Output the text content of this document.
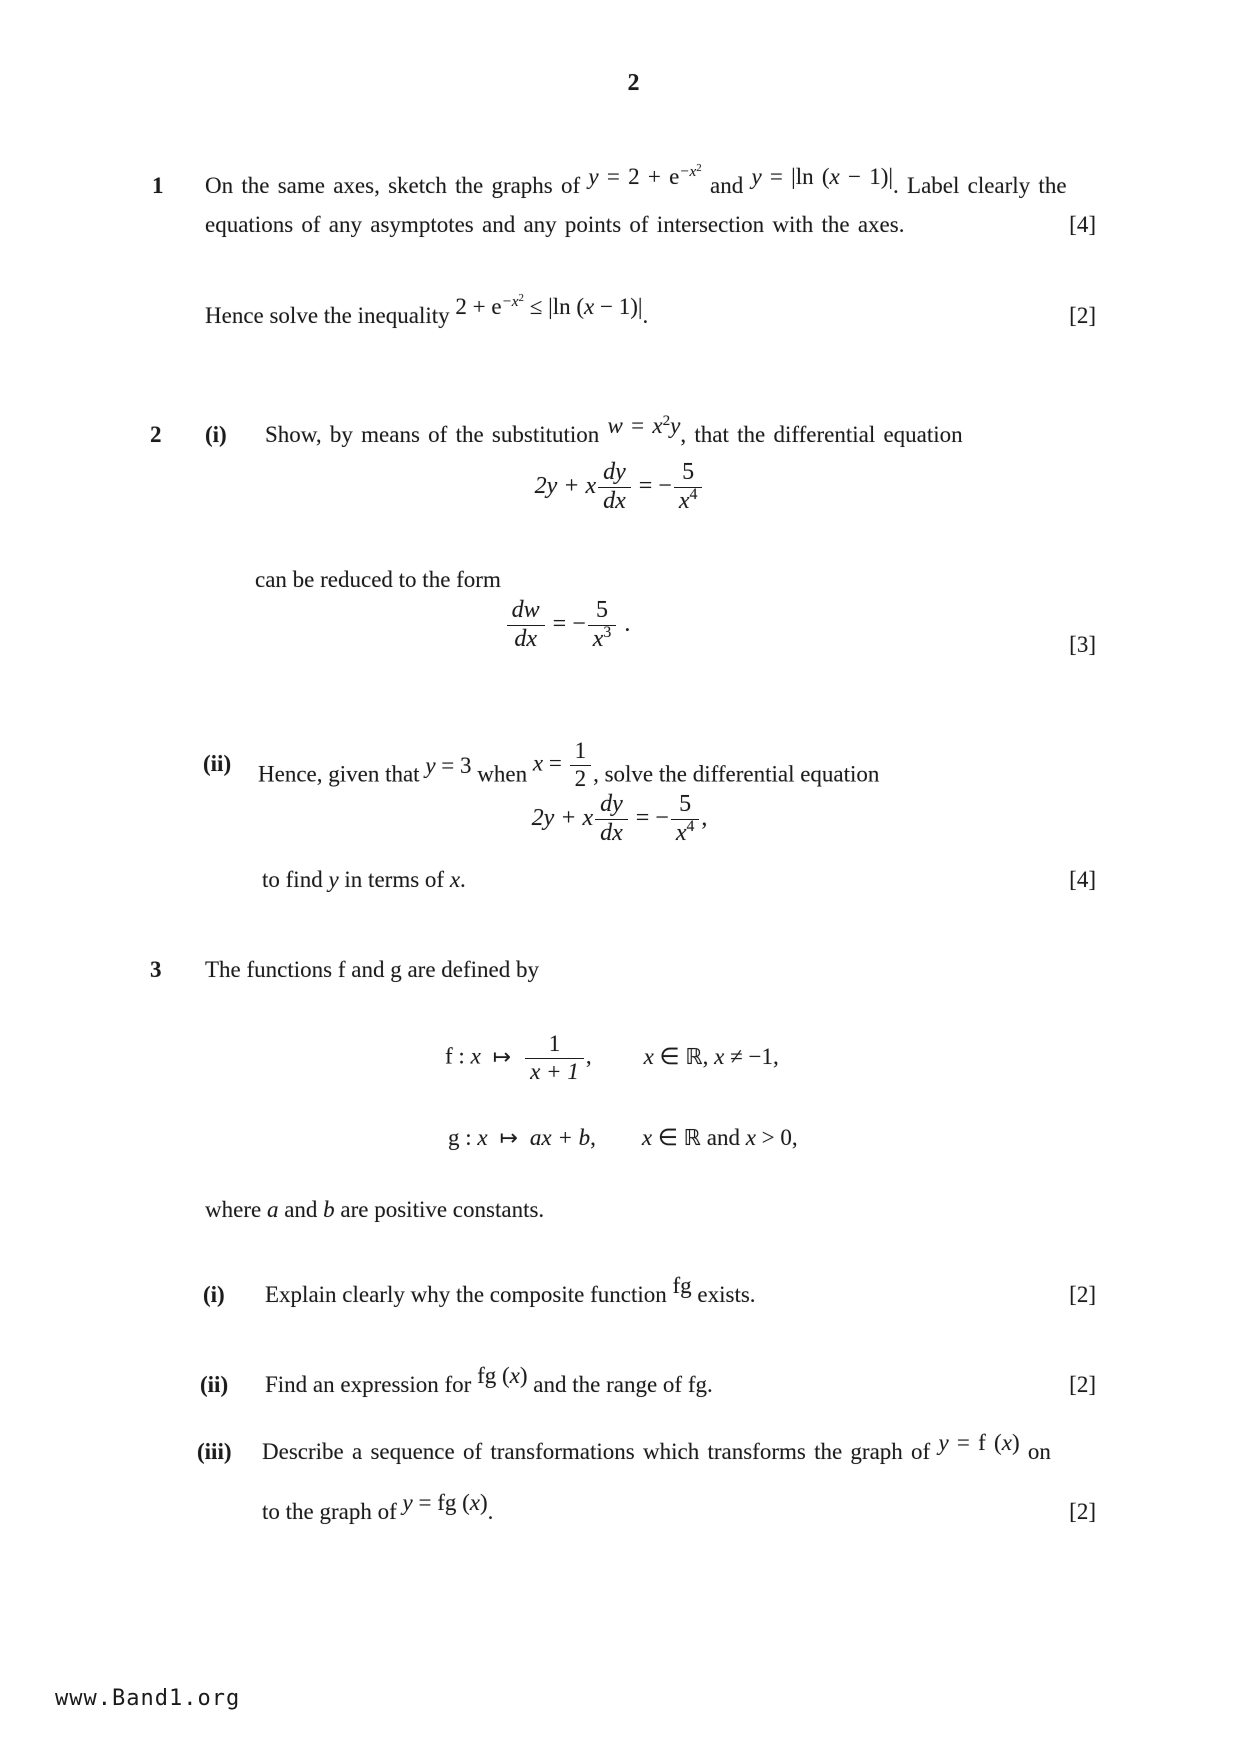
2
1 On the same axes, sketch the graphs of $y = 2 + e^{-x^2}$ and y = |ln (x − 1)|. Label clearly the
equations of any asymptotes and any points of intersection with the axes.	[4]
Hence solve the inequality $2 + e^{-x^2} \le |\ln$ (x − 1)|.	[2]
2 (i) Show, by means of the substitution $w = x^2y$, that the differential equation
2y + x $\frac{dy}{dx}$ = − $\frac{5}{x^4}$
can be reduced to the form
$\frac{dw}{dx}$ = − $\frac{5}{x^3}$ .
[3]
(ii) Hence, given that y = 3 when $x = \frac{1}{2}$ , solve the differential equation
2y + x $\frac{dy}{dx}$ = − $\frac{5}{x^4}$ ,
to find y in terms of x.	[4]
3 The functions f and g are defined by
f : x ↦ $\frac{1}{x + 1}$ , x ∈ ℝ, x ≠ −1,
g : x ↦ ax + b, x ∈ ℝ and x > 0,
where a and b are positive constants.
(i) Explain clearly why the composite function fg exists.	[2]
(ii) Find an expression for fg (x) and the range of fg.	[2]
(iii) Describe a sequence of transformations which transforms the graph of y = f (x) on
to the graph of y = fg (x).	[2]
www.Band1.org
